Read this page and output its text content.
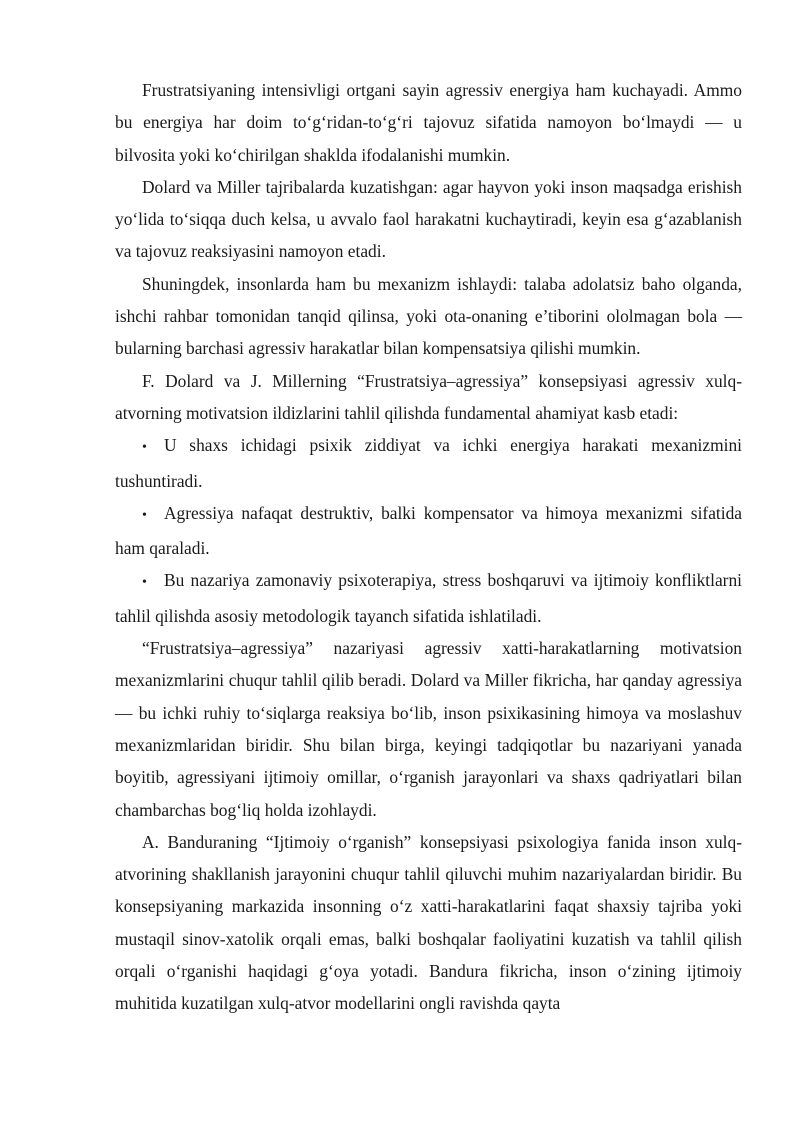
Frustratsiyaning intensivligi ortgani sayin agressiv energiya ham kuchayadi. Ammo bu energiya har doim to‘g‘ridan-to‘g‘ri tajovuz sifatida namoyon bo‘lmaydi — u bilvosita yoki ko‘chirilgan shaklda ifodalanishi mumkin.

Dolard va Miller tajribalarda kuzatishgan: agar hayvon yoki inson maqsadga erishish yo‘lida to‘siqqa duch kelsa, u avvalo faol harakatni kuchaytiradi, keyin esa g‘azablanish va tajovuz reaksiyasini namoyon etadi.

Shuningdek, insonlarda ham bu mexanizm ishlaydi: talaba adolatsiz baho olganda, ishchi rahbar tomonidan tanqid qilinsa, yoki ota-onaning e’tiborini ololmagan bola — bularning barchasi agressiv harakatlar bilan kompensatsiya qilishi mumkin.

F. Dolard va J. Millerning “Frustratsiya–agressiya” konsepsiyasi agressiv xulq-atvorning motivatsion ildizlarini tahlil qilishda fundamental ahamiyat kasb etadi:

• U shaxs ichidagi psixik ziddiyat va ichki energiya harakati mexanizmini tushuntiradi.

• Agressiya nafaqat destruktiv, balki kompensator va himoya mexanizmi sifatida ham qaraladi.

• Bu nazariya zamonaviy psixoterapiya, stress boshqaruvi va ijtimoiy konfliktlarni tahlil qilishda asosiy metodologik tayanch sifatida ishlatiladi.

“Frustratsiya–agressiya” nazariyasi agressiv xatti-harakatlarning motivatsion mexanizmlarini chuqur tahlil qilib beradi. Dolard va Miller fikricha, har qanday agressiya — bu ichki ruhiy to‘siqlarga reaksiya bo‘lib, inson psixikasining himoya va moslashuv mexanizmlaridan biridir. Shu bilan birga, keyingi tadqiqotlar bu nazariyani yanada boyitib, agressiyani ijtimoiy omillar, o‘rganish jarayonlari va shaxs qadriyatlari bilan chambarchas bog‘liq holda izohlaydi.

A. Banduraning “Ijtimoiy o‘rganish” konsepsiyasi psixologiya fanida inson xulq-atvorining shakllanish jarayonini chuqur tahlil qiluvchi muhim nazariyalardan biridir. Bu konsepsiyaning markazida insonning o‘z xatti-harakatlarini faqat shaxsiy tajriba yoki mustaqil sinov-xatolik orqali emas, balki boshqalar faoliyatini kuzatish va tahlil qilish orqali o‘rganishi haqidagi g‘oya yotadi. Bandura fikricha, inson o‘zining ijtimoiy muhitida kuzatilgan xulq-atvor modellarini ongli ravishda qayta
